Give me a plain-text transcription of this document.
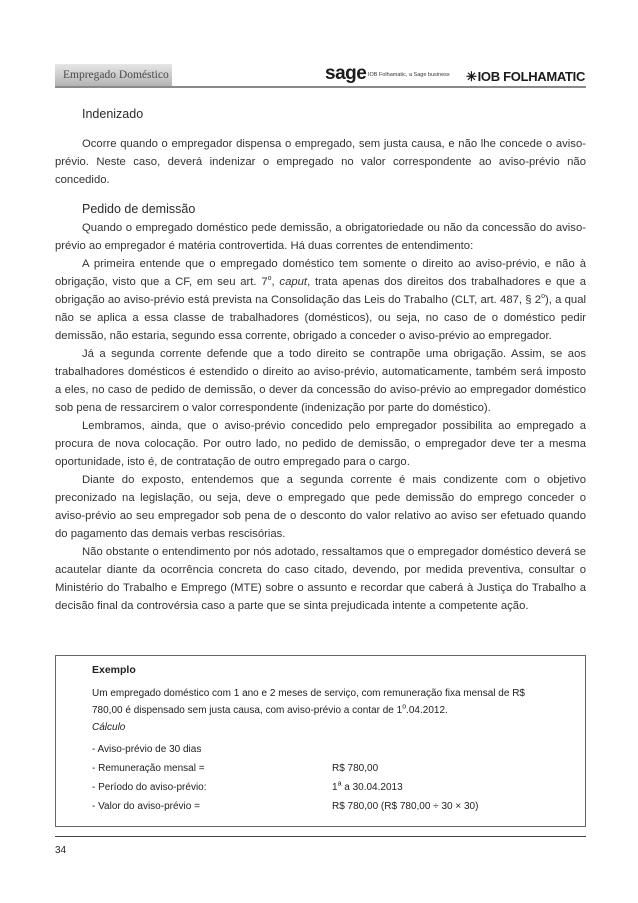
Empregado Doméstico	sage IOB Folhamatic, a Sage business ✳IOB FOLHAMATIC
Indenizado

Ocorre quando o empregador dispensa o empregado, sem justa causa, e não lhe concede o aviso-prévio. Neste caso, deverá indenizar o empregado no valor correspondente ao aviso-prévio não concedido.

Pedido de demissão

Quando o empregado doméstico pede demissão, a obrigatoriedade ou não da concessão do aviso-prévio ao empregador é matéria controvertida. Há duas correntes de entendimento:

A primeira entende que o empregado doméstico tem somente o direito ao aviso-prévio, e não à obrigação, visto que a CF, em seu art. 7$^o$, caput, trata apenas dos direitos dos trabalhadores e que a obrigação ao aviso-prévio está prevista na Consolidação das Leis do Trabalho (CLT, art. 487, § 2$^o$), a qual não se aplica a essa classe de trabalhadores (domésticos), ou seja, no caso de o doméstico pedir demissão, não estaria, segundo essa corrente, obrigado a conceder o aviso-prévio ao empregador.

Já a segunda corrente defende que a todo direito se contrapõe uma obrigação. Assim, se aos trabalhadores domésticos é estendido o direito ao aviso-prévio, automaticamente, também será imposto a eles, no caso de pedido de demissão, o dever da concessão do aviso-prévio ao empregador doméstico sob pena de ressarcirem o valor correspondente (indenização por parte do doméstico).

Lembramos, ainda, que o aviso-prévio concedido pelo empregador possibilita ao empregado a procura de nova colocação. Por outro lado, no pedido de demissão, o empregador deve ter a mesma oportunidade, isto é, de contratação de outro empregado para o cargo.

Diante do exposto, entendemos que a segunda corrente é mais condizente com o objetivo preconizado na legislação, ou seja, deve o empregado que pede demissão do emprego conceder o aviso-prévio ao seu empregador sob pena de o desconto do valor relativo ao aviso ser efetuado quando do pagamento das demais verbas rescisórias.

Não obstante o entendimento por nós adotado, ressaltamos que o empregador doméstico deverá se acautelar diante da ocorrência concreta do caso citado, devendo, por medida preventiva, consultar o Ministério do Trabalho e Emprego (MTE) sobre o assunto e recordar que caberá à Justiça do Trabalho a decisão final da controvérsia caso a parte que se sinta prejudicada intente a competente ação.

Exemplo
Um empregado doméstico com 1 ano e 2 meses de serviço, com remuneração fixa mensal de R$ 780,00 é dispensado sem justa causa, com aviso-prévio a contar de 1$^o$.04.2012.
Cálculo
- Aviso-prévio de 30 dias
- Remuneração mensal =	R$ 780,00
- Período do aviso-prévio:	1$^a$ a 30.04.2013
- Valor do aviso-prévio =	R$ 780,00 (R$ 780,00 ÷ 30 × 30)
34
